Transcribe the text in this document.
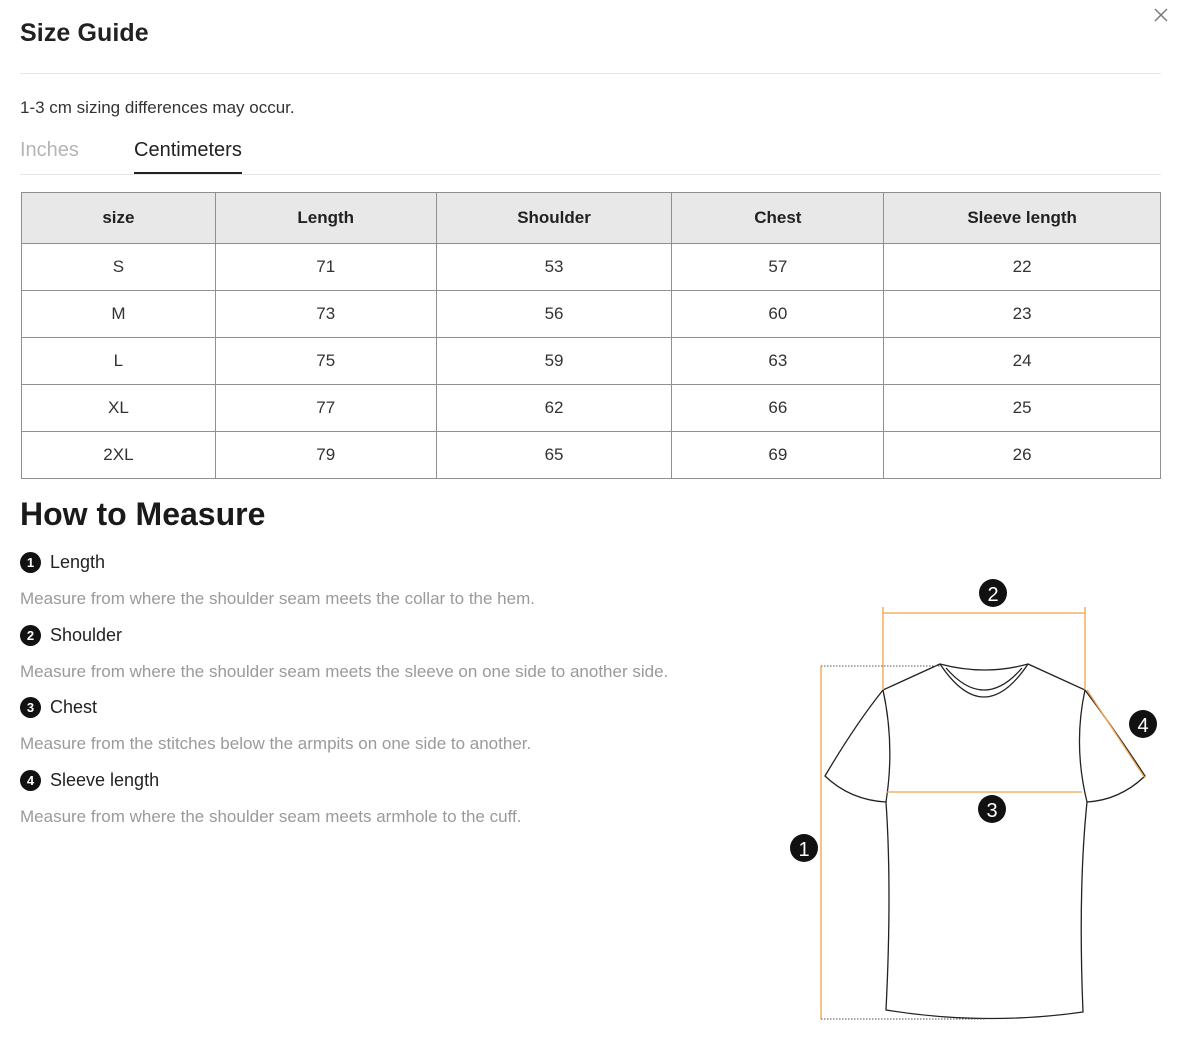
Size Guide
1-3 cm sizing differences may occur.
Inches	Centimeters
size	Length	Shoulder	Chest	Sleeve length
S	71	53	57	22
M	73	56	60	23
L	75	59	63	24
XL	77	62	66	25
2XL	79	65	69	26
How to Measure
1 Length
Measure from where the shoulder seam meets the collar to the hem.
2 Shoulder
Measure from where the shoulder seam meets the sleeve on one side to another side.
3 Chest
Measure from the stitches below the armpits on one side to another.
4 Sleeve length
Measure from where the shoulder seam meets armhole to the cuff.
1
2
3
4
